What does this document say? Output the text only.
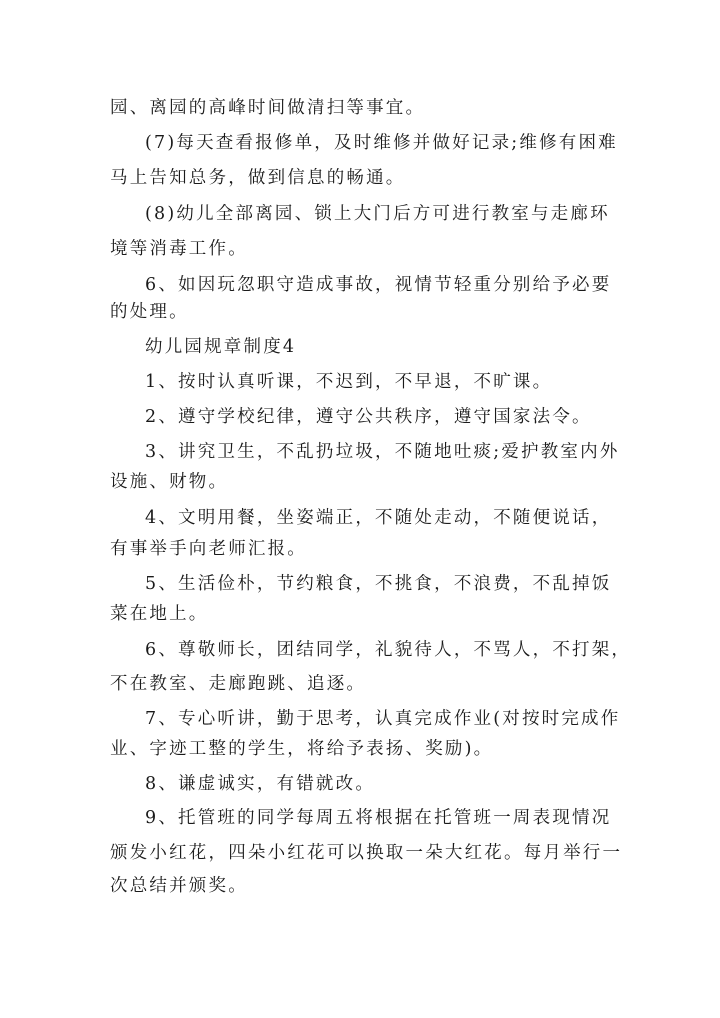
园、离园的高峰时间做清扫等事宜。
(7)每天查看报修单，及时维修并做好记录;维修有困难
马上告知总务，做到信息的畅通。
(8)幼儿全部离园、锁上大门后方可进行教室与走廊环
境等消毒工作。
6、如因玩忽职守造成事故，视情节轻重分别给予必要
的处理。
幼儿园规章制度4
1、按时认真听课，不迟到，不早退，不旷课。
2、遵守学校纪律，遵守公共秩序，遵守国家法令。
3、讲究卫生，不乱扔垃圾，不随地吐痰;爱护教室内外
设施、财物。
4、文明用餐，坐姿端正，不随处走动，不随便说话，
有事举手向老师汇报。
5、生活俭朴，节约粮食，不挑食，不浪费，不乱掉饭
菜在地上。
6、尊敬师长，团结同学，礼貌待人，不骂人，不打架，
不在教室、走廊跑跳、追逐。
7、专心听讲，勤于思考，认真完成作业(对按时完成作
业、字迹工整的学生，将给予表扬、奖励)。
8、谦虚诚实，有错就改。
9、托管班的同学每周五将根据在托管班一周表现情况
颁发小红花，四朵小红花可以换取一朵大红花。每月举行一
次总结并颁奖。
